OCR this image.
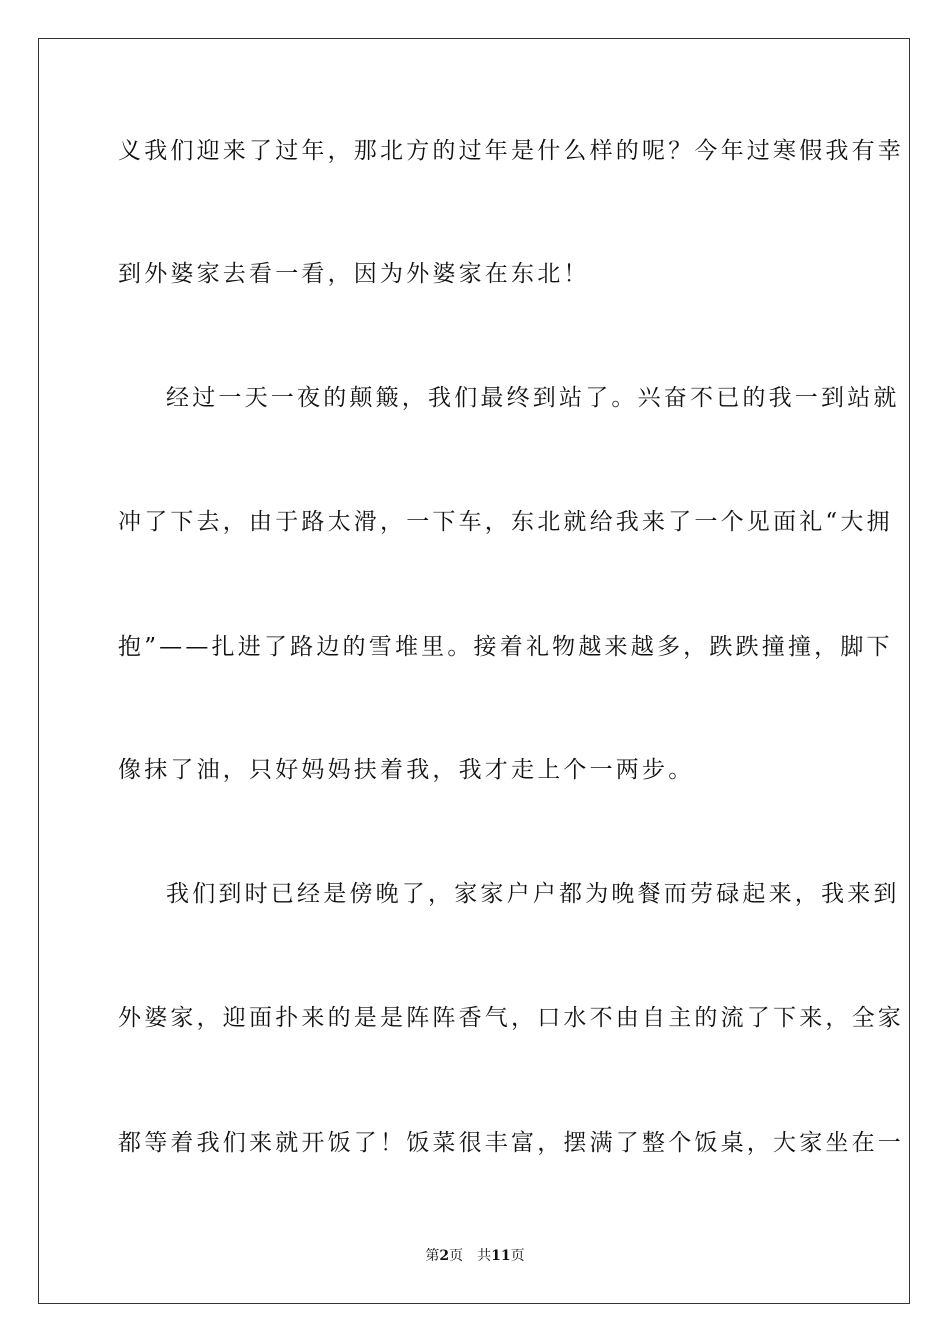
义我们迎来了过年，那北方的过年是什么样的呢？今年过寒假我有幸
到外婆家去看一看，因为外婆家在东北！
经过一天一夜的颠簸，我们最终到站了。兴奋不已的我一到站就
冲了下去，由于路太滑，一下车，东北就给我来了一个见面礼“大拥
抱”——扎进了路边的雪堆里。接着礼物越来越多，跌跌撞撞，脚下
像抹了油，只好妈妈扶着我，我才走上个一两步。
我们到时已经是傍晚了，家家户户都为晚餐而劳碌起来，我来到
外婆家，迎面扑来的是是阵阵香气，口水不由自主的流了下来，全家
都等着我们来就开饭了！饭菜很丰富，摆满了整个饭桌，大家坐在一
第2页 共11页
